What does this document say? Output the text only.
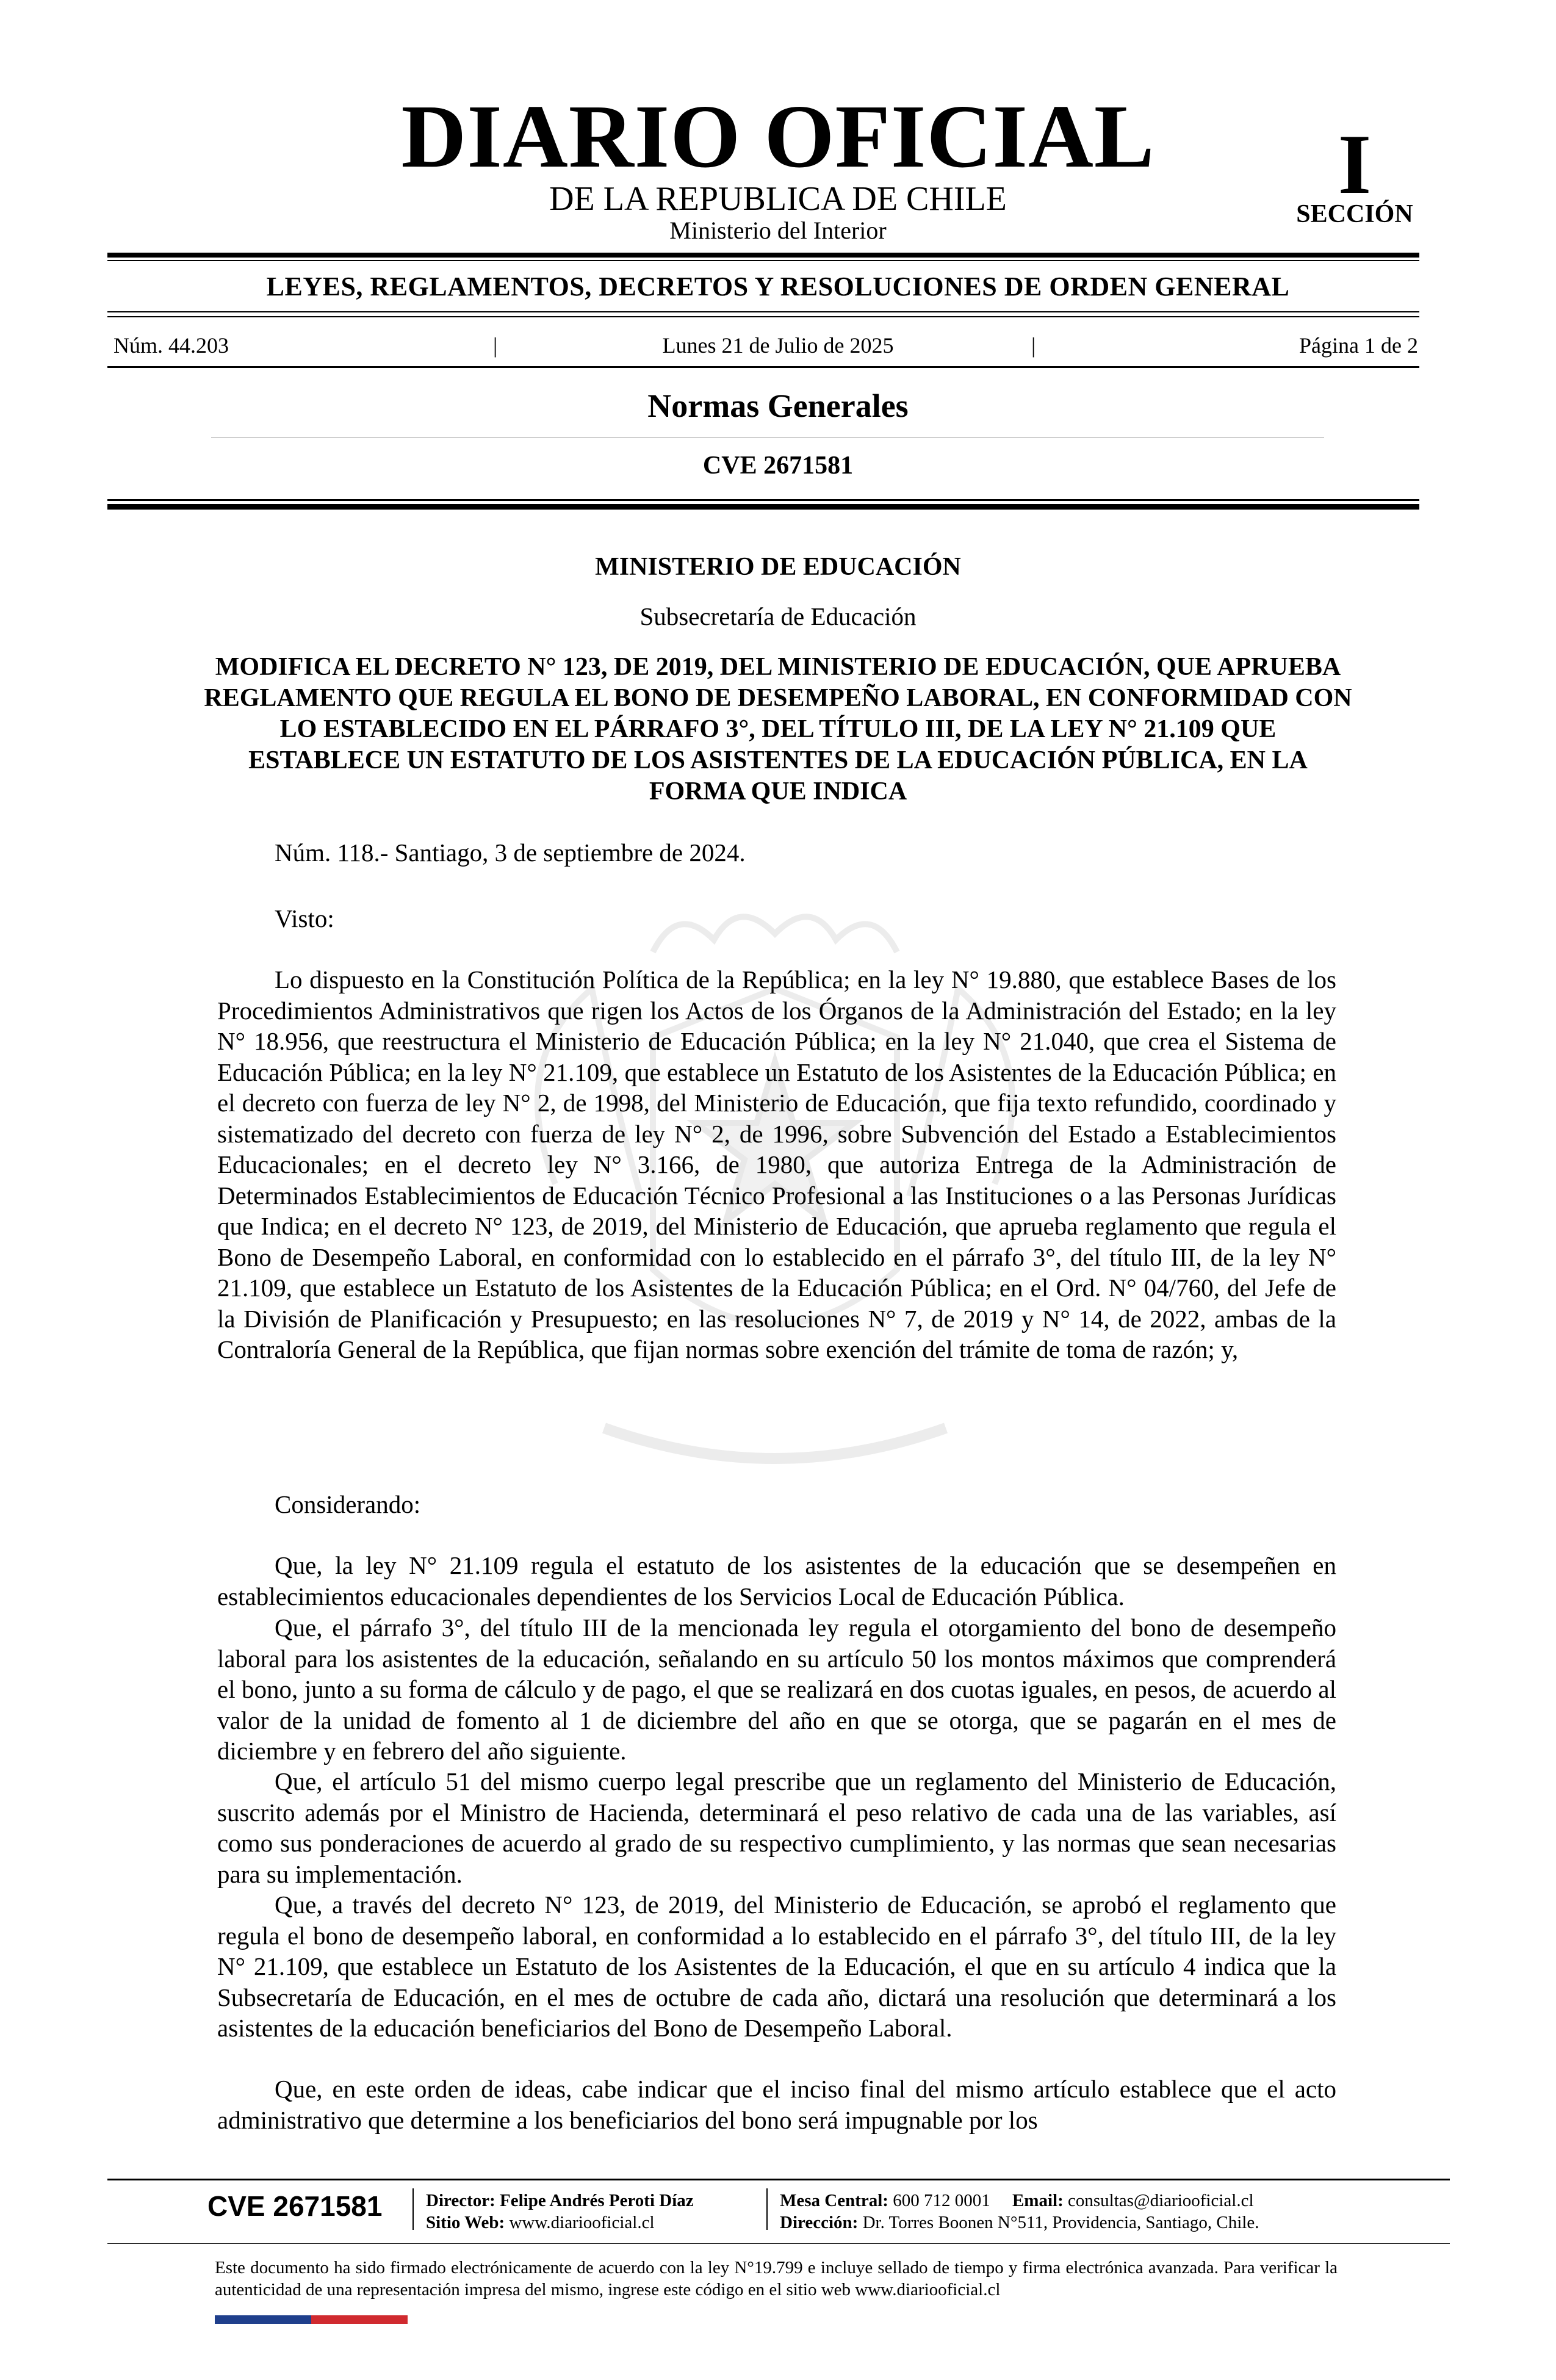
DIARIO OFICIAL
DE LA REPUBLICA DE CHILE
Ministerio del Interior
I
SECCIÓN
LEYES, REGLAMENTOS, DECRETOS Y RESOLUCIONES DE ORDEN GENERAL
Núm. 44.203	|	Lunes 21 de Julio de 2025	|	Página 1 de 2
Normas Generales
CVE 2671581
MINISTERIO DE EDUCACIÓN
Subsecretaría de Educación
MODIFICA EL DECRETO N° 123, DE 2019, DEL MINISTERIO DE EDUCACIÓN, QUE APRUEBA REGLAMENTO QUE REGULA EL BONO DE DESEMPEÑO LABORAL, EN CONFORMIDAD CON LO ESTABLECIDO EN EL PÁRRAFO 3°, DEL TÍTULO III, DE LA LEY N° 21.109 QUE ESTABLECE UN ESTATUTO DE LOS ASISTENTES DE LA EDUCACIÓN PÚBLICA, EN LA FORMA QUE INDICA
Núm. 118.- Santiago, 3 de septiembre de 2024.
Visto:
Lo dispuesto en la Constitución Política de la República; en la ley N° 19.880, que establece Bases de los Procedimientos Administrativos que rigen los Actos de los Órganos de la Administración del Estado; en la ley N° 18.956, que reestructura el Ministerio de Educación Pública; en la ley N° 21.040, que crea el Sistema de Educación Pública; en la ley N° 21.109, que establece un Estatuto de los Asistentes de la Educación Pública; en el decreto con fuerza de ley N° 2, de 1998, del Ministerio de Educación, que fija texto refundido, coordinado y sistematizado del decreto con fuerza de ley N° 2, de 1996, sobre Subvención del Estado a Establecimientos Educacionales; en el decreto ley N° 3.166, de 1980, que autoriza Entrega de la Administración de Determinados Establecimientos de Educación Técnico Profesional a las Instituciones o a las Personas Jurídicas que Indica; en el decreto N° 123, de 2019, del Ministerio de Educación, que aprueba reglamento que regula el Bono de Desempeño Laboral, en conformidad con lo establecido en el párrafo 3°, del título III, de la ley N° 21.109, que establece un Estatuto de los Asistentes de la Educación Pública; en el Ord. N° 04/760, del Jefe de la División de Planificación y Presupuesto; en las resoluciones N° 7, de 2019 y N° 14, de 2022, ambas de la Contraloría General de la República, que fijan normas sobre exención del trámite de toma de razón; y,
Considerando:
Que, la ley N° 21.109 regula el estatuto de los asistentes de la educación que se desempeñen en establecimientos educacionales dependientes de los Servicios Local de Educación Pública.
Que, el párrafo 3°, del título III de la mencionada ley regula el otorgamiento del bono de desempeño laboral para los asistentes de la educación, señalando en su artículo 50 los montos máximos que comprenderá el bono, junto a su forma de cálculo y de pago, el que se realizará en dos cuotas iguales, en pesos, de acuerdo al valor de la unidad de fomento al 1 de diciembre del año en que se otorga, que se pagarán en el mes de diciembre y en febrero del año siguiente.
Que, el artículo 51 del mismo cuerpo legal prescribe que un reglamento del Ministerio de Educación, suscrito además por el Ministro de Hacienda, determinará el peso relativo de cada una de las variables, así como sus ponderaciones de acuerdo al grado de su respectivo cumplimiento, y las normas que sean necesarias para su implementación.
Que, a través del decreto N° 123, de 2019, del Ministerio de Educación, se aprobó el reglamento que regula el bono de desempeño laboral, en conformidad a lo establecido en el párrafo 3°, del título III, de la ley N° 21.109, que establece un Estatuto de los Asistentes de la Educación, el que en su artículo 4 indica que la Subsecretaría de Educación, en el mes de octubre de cada año, dictará una resolución que determinará a los asistentes de la educación beneficiarios del Bono de Desempeño Laboral.
Que, en este orden de ideas, cabe indicar que el inciso final del mismo artículo establece que el acto administrativo que determine a los beneficiarios del bono será impugnable por los
CVE 2671581 Director: Felipe Andrés Peroti Díaz
Sitio Web: www.diariooficial.cl
Mesa Central: 600 712 0001 Email: consultas@diariooficial.cl
Dirección: Dr. Torres Boonen N°511, Providencia, Santiago, Chile.
Este documento ha sido firmado electrónicamente de acuerdo con la ley N°19.799 e incluye sellado de tiempo y firma electrónica avanzada. Para verificar la autenticidad de una representación impresa del mismo, ingrese este código en el sitio web www.diariooficial.cl
